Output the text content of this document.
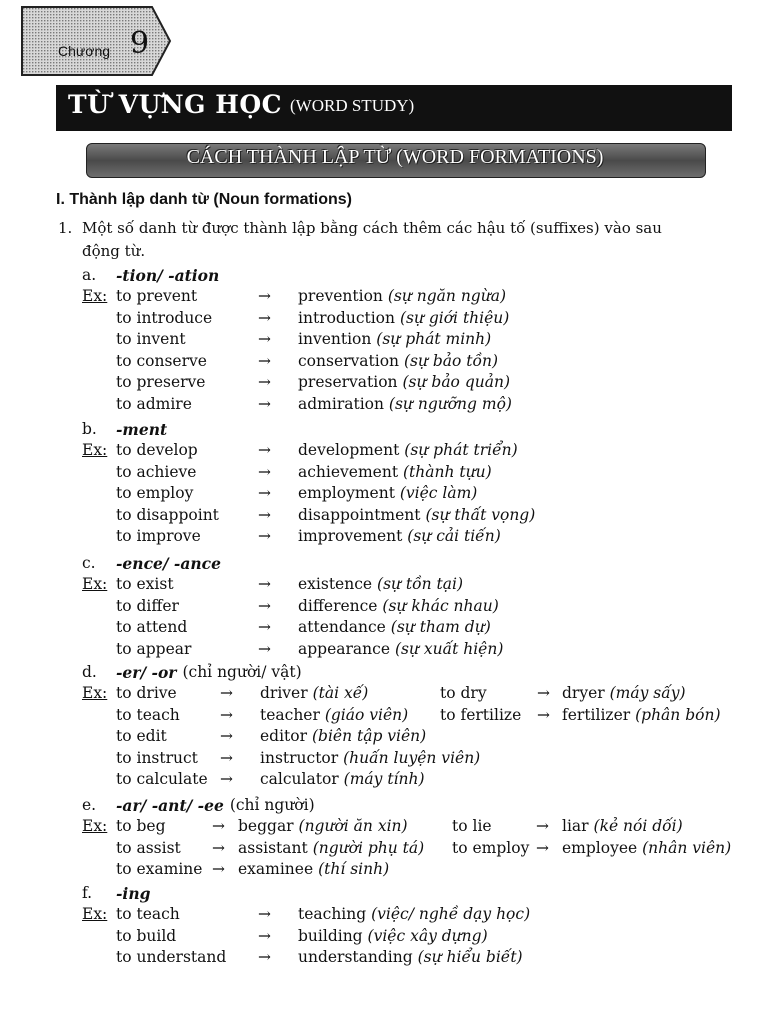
Chương 9
TỪ VỰNG HỌC (WORD STUDY)
CÁCH THÀNH LẬP TỪ (WORD FORMATIONS)
I. Thành lập danh từ (Noun formations)
1. Một số danh từ được thành lập bằng cách thêm các hậu tố (suffixes) vào sau
động từ.
a. -tion/ -ation
Ex: to prevent	→ prevention (sự ngăn ngừa)
to introduce	→ introduction (sự giới thiệu)
to invent	→ invention (sự phát minh)
to conserve	→ conservation (sự bảo tồn)
to preserve	→ preservation (sự bảo quản)
to admire	→ admiration (sự ngưỡng mộ)
b. -ment
Ex: to develop	→ development (sự phát triển)
to achieve	→ achievement (thành tựu)
to employ	→ employment (việc làm)
to disappoint	→ disappointment (sự thất vọng)
to improve	→ improvement (sự cải tiến)
c. -ence/ -ance
Ex: to exist	→ existence (sự tồn tại)
to differ	→ difference (sự khác nhau)
to attend	→ attendance (sự tham dự)
to appear	→ appearance (sự xuất hiện)
d. -er/ -or (chỉ người/ vật)
Ex: to drive	→ driver (tài xế)	to dry	→ dryer (máy sấy)
to teach	→ teacher (giáo viên) to fertilize → fertilizer (phân bón)
to edit	→ editor (biên tập viên)
to instruct → instructor (huấn luyện viên)
to calculate → calculator (máy tính)
e. -ar/ -ant/ -ee (chỉ người)
Ex: to beg	→ beggar (người ăn xin)	to lie	→ liar (kẻ nói dối)
to assist → assistant (người phụ tá) to employ → employee (nhân viên)
to examine → examinee (thí sinh)
f. -ing
Ex: to teach	→ teaching (việc/ nghề dạy học)
to build	→ building (việc xây dựng)
to understand → understanding (sự hiểu biết)
